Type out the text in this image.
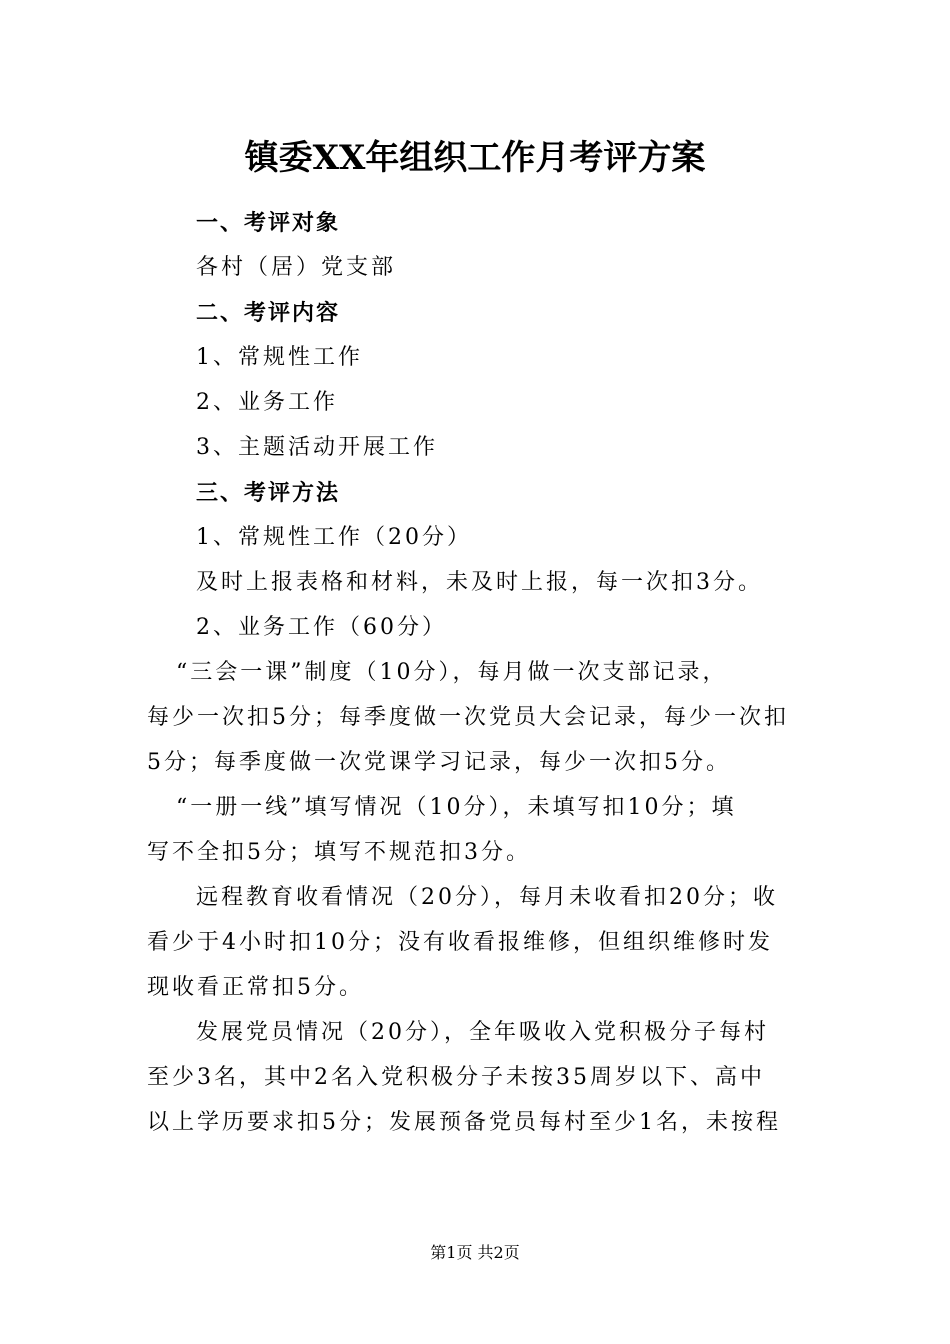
镇委XX年组织工作月考评方案
一、考评对象
各村（居）党支部
二、考评内容
1、常规性工作
2、业务工作
3、主题活动开展工作
三、考评方法
1、常规性工作（20分）
及时上报表格和材料，未及时上报，每一次扣3分。
2、业务工作（60分）
“三会一课”制度（10分），每月做一次支部记录，
每少一次扣5分；每季度做一次党员大会记录，每少一次扣
5分；每季度做一次党课学习记录，每少一次扣5分。
“一册一线”填写情况（10分），未填写扣10分；填
写不全扣5分；填写不规范扣3分。
远程教育收看情况（20分），每月未收看扣20分；收
看少于4小时扣10分；没有收看报维修，但组织维修时发
现收看正常扣5分。
发展党员情况（20分），全年吸收入党积极分子每村
至少3名，其中2名入党积极分子未按35周岁以下、高中
以上学历要求扣5分；发展预备党员每村至少1名，未按程
第1页 共2页
